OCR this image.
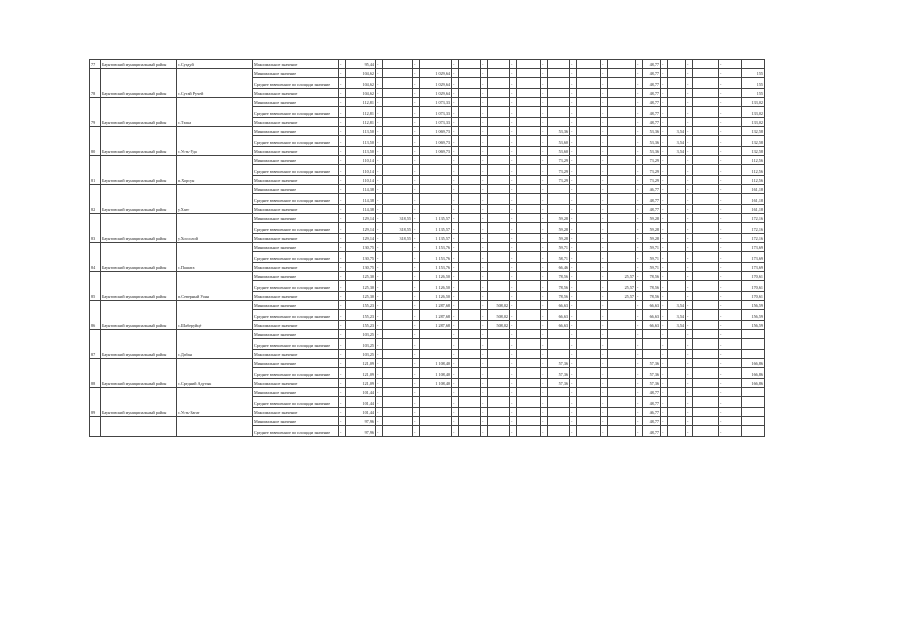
77	Баунтовский муниципальный район	с.Суздуй	Максимальное значение	-	95,44	-		-		-		-		-		-		-		-		-	48,77	-		-		-	
78	Баунтовский муниципальный район	с.Сутай Ручей	Минимальное значение	-	104,62	-		-	1 029,64	-		-		-		-		-		-		-	48,77	-		-		-	155
			Среднее взвешенное по площади значение	-	104,62	-		-	1 029,64	-		-		-		-		-		-		-	48,77	-		-		-	155
			Максимальное значение	-	104,62	-		-	1 029,64	-		-		-		-		-		-		-	48,77	-		-		-	155
79	Баунтовский муниципальный район	с.Тэлка	Минимальное значение	-	112,81	-		-	1 073,33	-		-		-		-		-		-		-	48,77	-		-		-	133,02
			Среднее взвешенное по площади значение	-	112,81	-		-	1 073,33	-		-		-		-		-		-		-	48,77	-		-		-	133,02
			Максимальное значение	-	112,81	-		-	1 073,33	-		-		-		-		-		-		-	48,77	-		-		-	133,02
80	Баунтовский муниципальный район	с.Усть-Уда	Минимальное значение	-	113,50	-		-	1 069,73	-		-		-		-	53,36	-		-		-	53,36	-	3,54	-		-	132,58
			Среднее взвешенное по площади значение	-	113,50	-		-	1 069,73	-		-		-		-	53,60	-		-		-	53,36	-	3,54	-		-	132,58
			Максимальное значение	-	113,50	-		-	1 069,73	-		-		-		-	53,60	-		-		-	53,36	-	3,54	-		-	132,58
81	Баунтовский муниципальный район	п.Хорсун	Минимальное значение	-	110,14	-		-		-		-		-		-	73,29	-		-		-	73,29	-		-		-	112,56
			Среднее взвешенное по площади значение	-	110,14	-		-		-		-		-		-	73,29	-		-		-	73,29	-		-		-	112,56
			Максимальное значение	-	110,14	-		-		-		-		-		-	73,29	-		-		-	73,29	-		-		-	112,56
82	Баунтовский муниципальный район	у.Хаег	Минимальное значение	-	114,38	-		-		-		-		-		-		-		-		-	46,77	-		-		-	161,18
			Среднее взвешенное по площади значение	-	114,38	-		-		-		-		-		-		-		-		-	48,77	-		-		-	161,18
			Максимальное значение	-	114,38	-		-		-		-		-		-		-		-		-	48,77	-		-		-	161,18
83	Баунтовский муниципальный район	у.Хоссолой	Минимальное значение	-	129,14	-	318,55	-	1 135,57	-		-		-		-	59,28	-		-		-	59,28	-		-		-	172,16
			Среднее взвешенное по площади значение	-	129,14	-	318,55	-	1 135,57	-		-		-		-	59,28	-		-		-	59,28	-		-		-	172,16
			Максимальное значение	-	129,14	-	318,55	-	1 135,57	-		-		-		-	59,28	-		-		-	59,28	-		-		-	172,16
84	Баунтовский муниципальный район	с.Пашата	Минимальное значение	-	130,75	-		-	1 153,76	-		-		-		-	59,71	-		-		-	59,71	-		-		-	173,69
			Среднее взвешенное по площади значение	-	130,75	-		-	1 153,76	-		-		-		-	58,71	-		-		-	59,71	-		-		-	173,69
			Максимальное значение	-	130,75	-		-	1 153,76	-		-		-		-	66,46	-		-		-	59,71	-		-		-	173,69
85	Баунтовский муниципальный район	п.Северный Уоян	Минимальное значение	-	125,30	-		-	1 126,50	-		-		-		-	78,56	-		-	25,57	-	78,56	-		-		-	170,61
			Среднее взвешенное по площади значение	-	125,30	-		-	1 126,50	-		-		-		-	78,56	-		-	25,57	-	78,56	-		-		-	170,61
			Максимальное значение	-	125,30	-		-	1 126,50	-		-		-		-	78,56	-		-	25,57	-	78,56	-		-		-	170,61
86	Баунтовский муниципальный район	с.Шаберуйцё	Минимальное значение	-	155,23	-		-	1 287,68	-		-	508,02	-		-	66,63	-		-		-	66,63	-	3,54	-		-	156,59
			Среднее взвешенное по площади значение	-	155,23	-		-	1 287,68	-		-	508,02	-		-	66,63	-		-		-	66,63	-	3,54	-		-	156,59
			Максимальное значение	-	155,23	-		-	1 287,68	-		-	508,02	-		-	66,63	-		-		-	66,63	-	3,54	-		-	156,59
87	Баунтовский муниципальный район	с.Дабан	Минимальное значение	-	103,25	-		-		-		-		-		-		-		-		-		-		-		-	
			Среднее взвешенное по площади значение	-	103,25	-		-		-		-		-		-		-		-		-		-		-		-	
			Максимальное значение	-	103,25	-		-		-		-		-		-		-		-		-		-		-		-	
88	Баунтовский муниципальный район	с.Средний Адугык	Минимальное значение	-	121,09	-		-	1 108,40	-		-		-		-	57,36	-		-		-	57,36	-		-		-	166,86
			Среднее взвешенное по площади значение	-	121,09	-		-	1 108,40	-		-		-		-	57,36	-		-		-	57,36	-		-		-	166,86
			Максимальное значение	-	121,09	-		-	1 108,40	-		-		-		-	57,36	-		-		-	57,36	-		-		-	166,86
89	Баунтовский муниципальный район	с.Усть-Загат	Минимальное значение	-	101,44	-		-		-		-		-		-		-		-		-	48,77	-		-		-	
			Среднее взвешенное по площади значение	-	101,44	-		-		-		-		-		-		-		-		-	48,77	-		-		-	
			Максимальное значение	-	101,44	-		-		-		-		-		-		-		-		-	46,77	-		-		-	
			Минимальное значение	-	97,96	-		-		-		-		-		-		-		-		-	48,77	-		-		-	
			Среднее взвешенное по площади значение	-	97,96	-		-		-		-		-		-		-		-		-	48,77	-		-		-	
